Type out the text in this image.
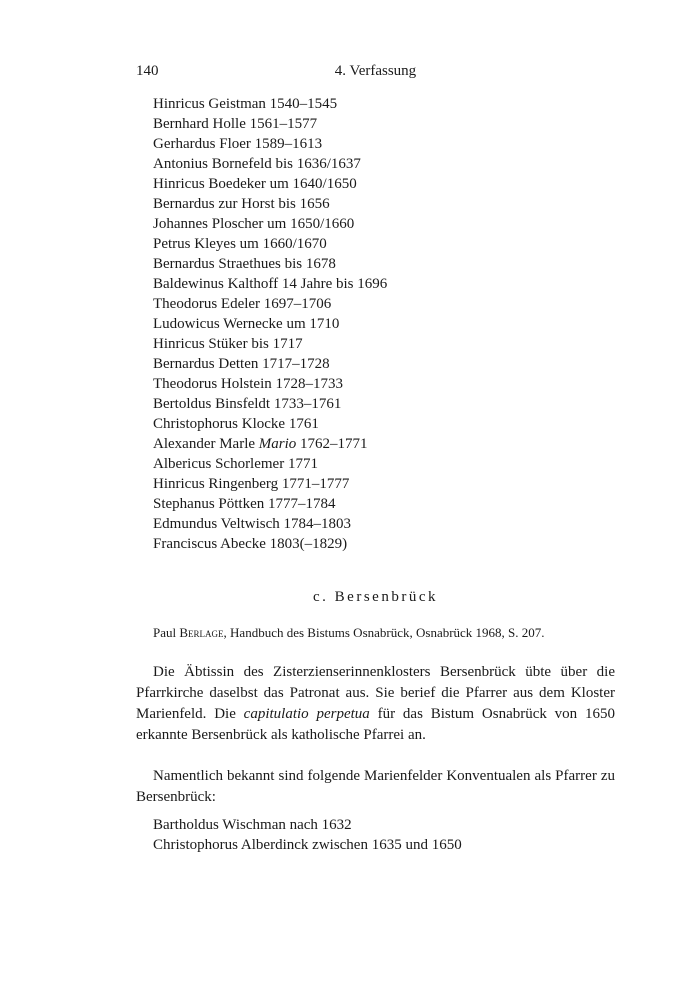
140	4. Verfassung
Hinricus Geistman 1540–1545
Bernhard Holle 1561–1577
Gerhardus Floer 1589–1613
Antonius Bornefeld bis 1636/1637
Hinricus Boedeker um 1640/1650
Bernardus zur Horst bis 1656
Johannes Ploscher um 1650/1660
Petrus Kleyes um 1660/1670
Bernardus Straethues bis 1678
Baldewinus Kalthoff 14 Jahre bis 1696
Theodorus Edeler 1697–1706
Ludowicus Wernecke um 1710
Hinricus Stüker bis 1717
Bernardus Detten 1717–1728
Theodorus Holstein 1728–1733
Bertoldus Binsfeldt 1733–1761
Christophorus Klocke 1761
Alexander Marle Mario 1762–1771
Albericus Schorlemer 1771
Hinricus Ringenberg 1771–1777
Stephanus Pöttken 1777–1784
Edmundus Veltwisch 1784–1803
Franciscus Abecke 1803(–1829)
c. Bersenbrück
Paul Berlage, Handbuch des Bistums Osnabrück, Osnabrück 1968, S. 207.

Die Äbtissin des Zisterzienserinnenklosters Bersenbrück übte über die Pfarrkirche daselbst das Patronat aus. Sie berief die Pfarrer aus dem Kloster Marienfeld. Die capitulatio perpetua für das Bistum Osnabrück von 1650 erkannte Bersenbrück als katholische Pfarrei an.

Namentlich bekannt sind folgende Marienfelder Konventualen als Pfarrer zu Bersenbrück:

Bartholdus Wischman nach 1632
Christophorus Alberdinck zwischen 1635 und 1650
